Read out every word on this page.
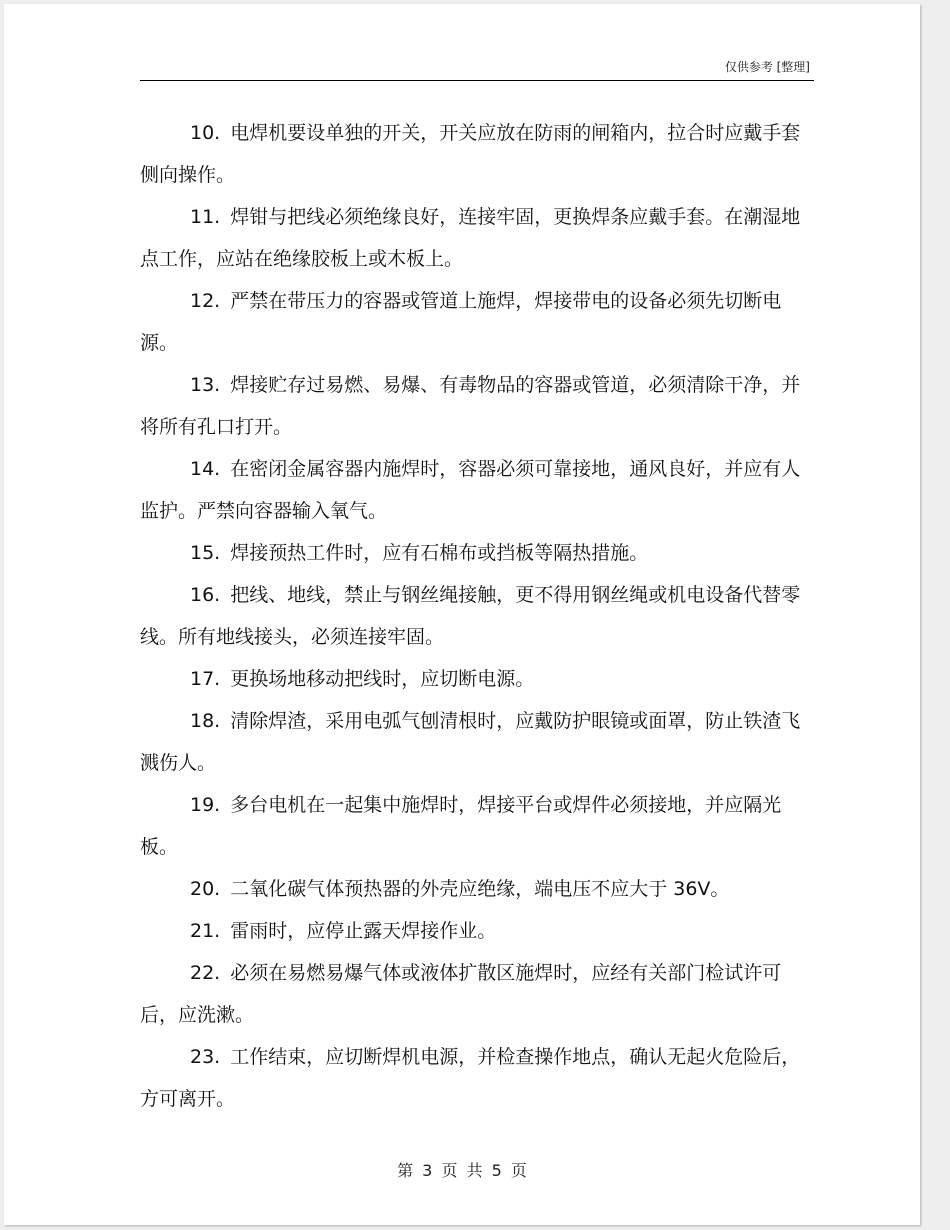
仅供参考 [整理]

10. 电焊机要设单独的开关，开关应放在防雨的闸箱内，拉合时应戴手套侧向操作。

11. 焊钳与把线必须绝缘良好，连接牢固，更换焊条应戴手套。在潮湿地点工作，应站在绝缘胶板上或木板上。

12. 严禁在带压力的容器或管道上施焊，焊接带电的设备必须先切断电源。

13. 焊接贮存过易燃、易爆、有毒物品的容器或管道，必须清除干净，并将所有孔口打开。

14. 在密闭金属容器内施焊时，容器必须可靠接地，通风良好，并应有人监护。严禁向容器输入氧气。

15. 焊接预热工件时，应有石棉布或挡板等隔热措施。

16. 把线、地线，禁止与钢丝绳接触，更不得用钢丝绳或机电设备代替零线。所有地线接头，必须连接牢固。

17. 更换场地移动把线时，应切断电源。

18. 清除焊渣，采用电弧气刨清根时，应戴防护眼镜或面罩，防止铁渣飞溅伤人。

19. 多台电机在一起集中施焊时，焊接平台或焊件必须接地，并应隔光板。

20. 二氧化碳气体预热器的外壳应绝缘，端电压不应大于 36V。

21. 雷雨时，应停止露天焊接作业。

22. 必须在易燃易爆气体或液体扩散区施焊时，应经有关部门检试许可后，应洗漱。

23. 工作结束，应切断焊机电源，并检查操作地点，确认无起火危险后，方可离开。

第 3 页 共 5 页
